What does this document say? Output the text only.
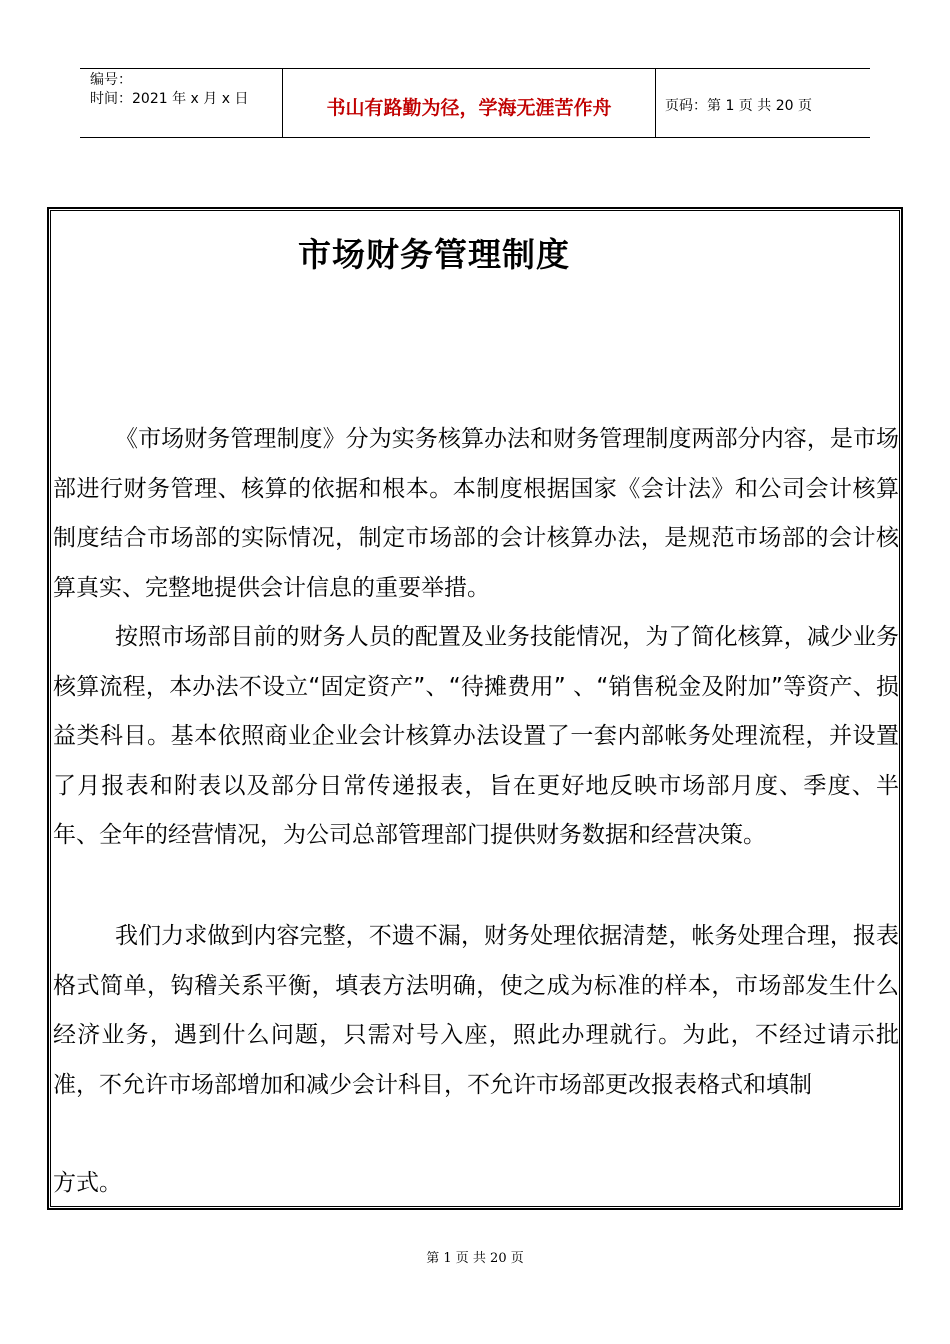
编号：
时间：2021 年 x 月 x 日	书山有路勤为径，学海无涯苦作舟	页码：第 1 页 共 20 页
市场财务管理制度
《市场财务管理制度》分为实务核算办法和财务管理制度两部分内容，是市场部进行财务管理、核算的依据和根本。本制度根据国家《会计法》和公司会计核算制度结合市场部的实际情况，制定市场部的会计核算办法，是规范市场部的会计核算真实、完整地提供会计信息的重要举措。
按照市场部目前的财务人员的配置及业务技能情况，为了简化核算，减少业务核算流程，本办法不设立“固定资产”、“待摊费用” 、“销售税金及附加”等资产、损益类科目。基本依照商业企业会计核算办法设置了一套内部帐务处理流程，并设置了月报表和附表以及部分日常传递报表，旨在更好地反映市场部月度、季度、半年、全年的经营情况，为公司总部管理部门提供财务数据和经营决策。
我们力求做到内容完整，不遗不漏，财务处理依据清楚，帐务处理合理，报表格式简单，钩稽关系平衡，填表方法明确，使之成为标准的样本，市场部发生什么经济业务，遇到什么问题，只需对号入座，照此办理就行。为此，不经过请示批准，不允许市场部增加和减少会计科目，不允许市场部更改报表格式和填制
方式。
第 1 页 共 20 页
